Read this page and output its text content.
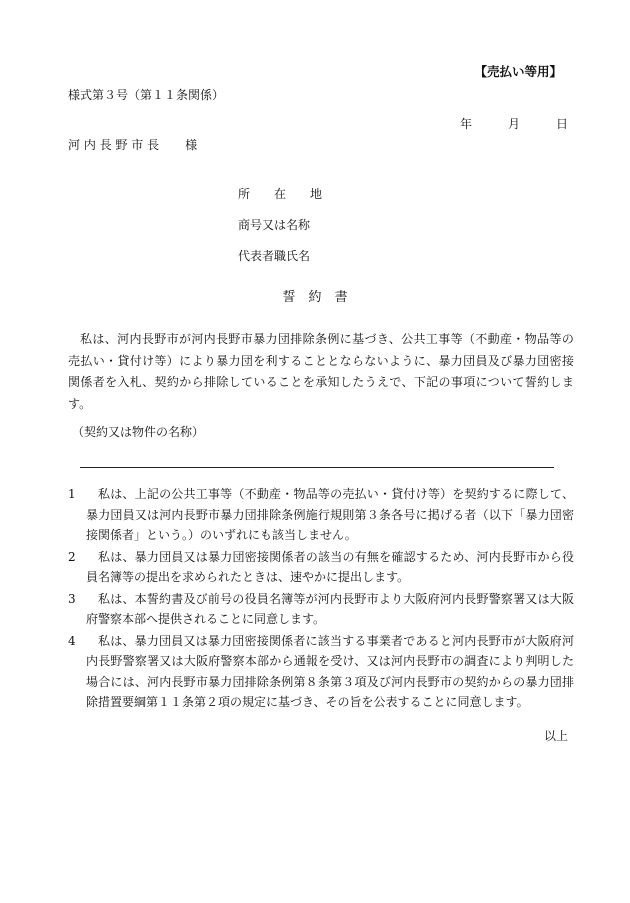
【売払い等用】
様式第３号（第１１条関係）
年	月	日
河 内 長 野 市 長 様
所　　在　　地
商号又は名称
代表者職氏名
誓　約　書
私は、河内長野市が河内長野市暴力団排除条例に基づき、公共工事等（不動産・物品等の売払い・貸付け等）により暴力団を利することとならないように、暴力団員及び暴力団密接関係者を入札、契約から排除していることを承知したうえで、下記の事項について誓約します。
（契約又は物件の名称）
1	私は、上記の公共工事等（不動産・物品等の売払い・貸付け等）を契約するに際して、暴力団員又は河内長野市暴力団排除条例施行規則第３条各号に掲げる者（以下「暴力団密接関係者」という。）のいずれにも該当しません。
2	私は、暴力団員又は暴力団密接関係者の該当の有無を確認するため、河内長野市から役員名簿等の提出を求められたときは、速やかに提出します。
3	私は、本誓約書及び前号の役員名簿等が河内長野市より大阪府河内長野警察署又は大阪府警察本部へ提供されることに同意します。
4	私は、暴力団員又は暴力団密接関係者に該当する事業者であると河内長野市が大阪府河内長野警察署又は大阪府警察本部から通報を受け、又は河内長野市の調査により判明した場合には、河内長野市暴力団排除条例第８条第３項及び河内長野市の契約からの暴力団排除措置要綱第１１条第２項の規定に基づき、その旨を公表することに同意します。
以上
